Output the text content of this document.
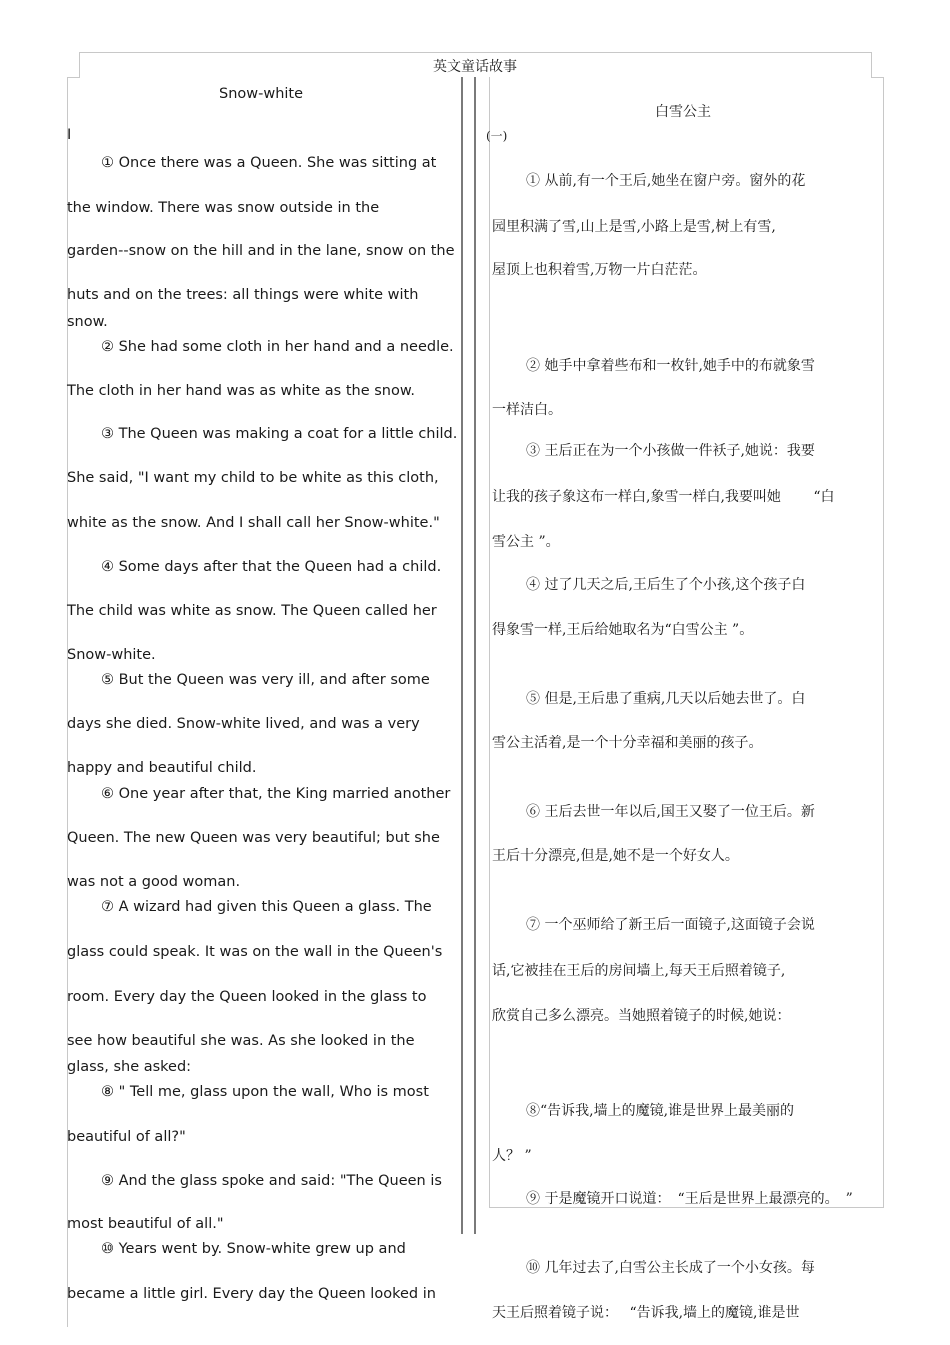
英文童话故事
Snow-white
I
① Once there was a Queen. She was sitting at
the window. There was snow outside in the
garden--snow on the hill and in the lane, snow on the
huts and on the trees: all things were white with
snow.
② She had some cloth in her hand and a needle.
The cloth in her hand was as white as the snow.
③ The Queen was making a coat for a little child.
She said, "I want my child to be white as this cloth,
white as the snow. And I shall call her Snow-white."
④ Some days after that the Queen had a child.
The child was white as snow. The Queen called her
Snow-white.
⑤ But the Queen was very ill, and after some
days she died. Snow-white lived, and was a very
happy and beautiful child.
⑥ One year after that, the King married another
Queen. The new Queen was very beautiful; but she
was not a good woman.
⑦ A wizard had given this Queen a glass. The
glass could speak. It was on the wall in the Queen's
room. Every day the Queen looked in the glass to
see how beautiful she was. As she looked in the
glass, she asked:
⑧ " Tell me, glass upon the wall, Who is most
beautiful of all?"
⑨ And the glass spoke and said: "The Queen is
most beautiful of all."
⑩ Years went by. Snow-white grew up and
became a little girl. Every day the Queen looked in
白雪公主
(一)
① 从前,有一个王后,她坐在窗户旁。窗外的花
园里积满了雪,山上是雪,小路上是雪,树上有雪,
屋顶上也积着雪,万物一片白茫茫。
② 她手中拿着些布和一枚针,她手中的布就象雪
一样洁白。
③ 王后正在为一个小孩做一件袄子,她说：我要
让我的孩子象这布一样白,象雪一样白,我要叫她　　 “白
雪公主 ”。
④ 过了几天之后,王后生了个小孩,这个孩子白
得象雪一样,王后给她取名为“白雪公主 ”。
⑤ 但是,王后患了重病,几天以后她去世了。白
雪公主活着,是一个十分幸福和美丽的孩子。
⑥ 王后去世一年以后,国王又娶了一位王后。新
王后十分漂亮,但是,她不是一个好女人。
⑦ 一个巫师给了新王后一面镜子,这面镜子会说
话,它被挂在王后的房间墙上,每天王后照着镜子,
欣赏自己多么漂亮。当她照着镜子的时候,她说：
⑧“告诉我,墙上的魔镜,谁是世界上最美丽的
人？ ”
⑨ 于是魔镜开口说道：　“王后是世界上最漂亮的。　”
⑩ 几年过去了,白雪公主长成了一个小女孩。每
天王后照着镜子说：　 “告诉我,墙上的魔镜,谁是世
